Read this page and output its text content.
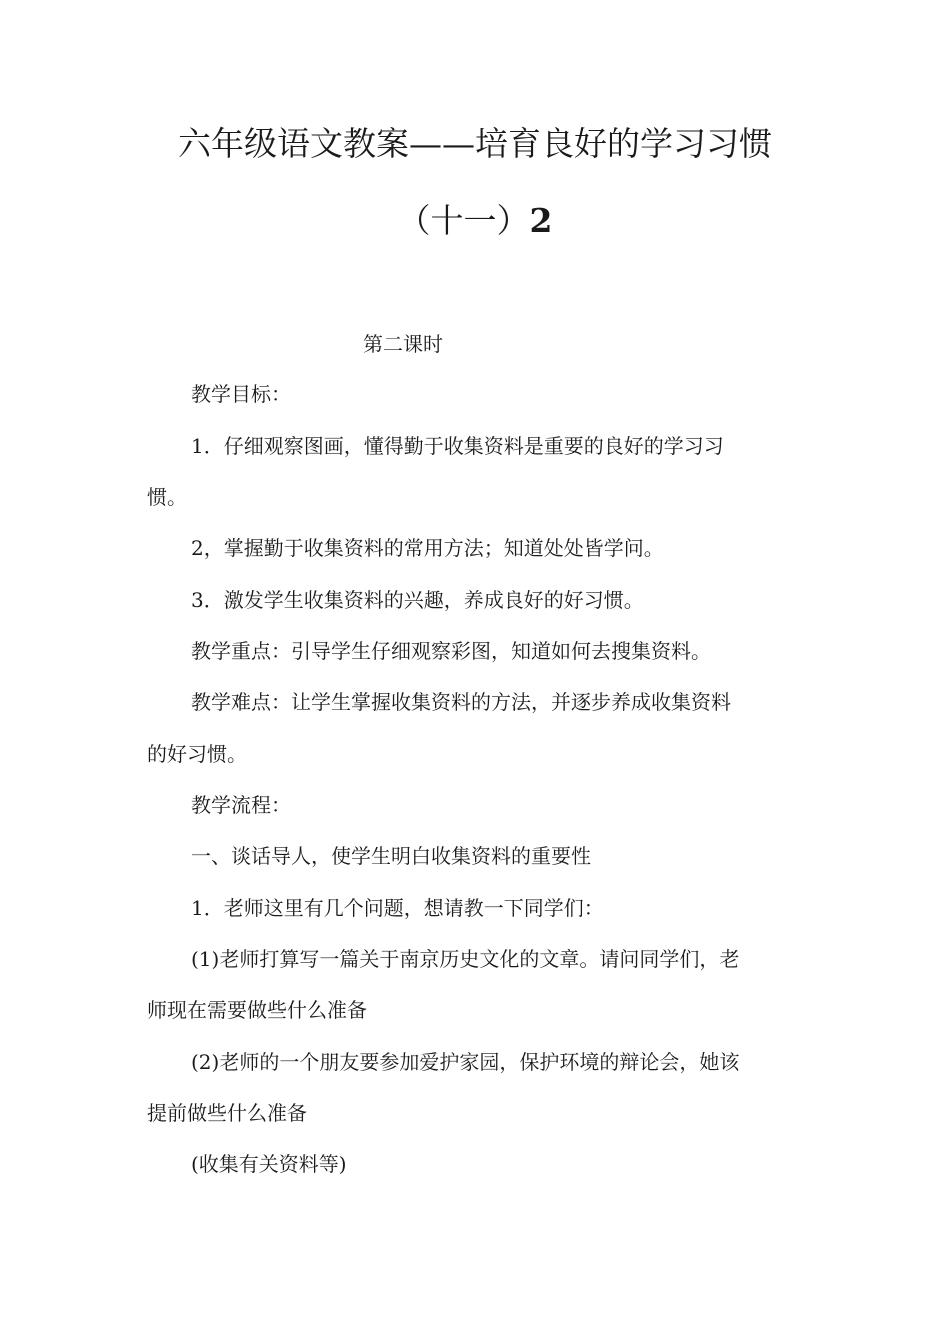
六年级语文教案——培育良好的学习习惯
（十一）2

第二课时

教学目标：

1．仔细观察图画，懂得勤于收集资料是重要的良好的学习习

惯。

2，掌握勤于收集资料的常用方法；知道处处皆学问。

3．激发学生收集资料的兴趣，养成良好的好习惯。

教学重点：引导学生仔细观察彩图，知道如何去搜集资料。

教学难点：让学生掌握收集资料的方法，并逐步养成收集资料

的好习惯。

教学流程：

一、谈话导人，使学生明白收集资料的重要性

1．老师这里有几个问题，想请教一下同学们：

(1)老师打算写一篇关于南京历史文化的文章。请问同学们，老

师现在需要做些什么准备

(2)老师的一个朋友要参加爱护家园，保护环境的辩论会，她该

提前做些什么准备

(收集有关资料等)
